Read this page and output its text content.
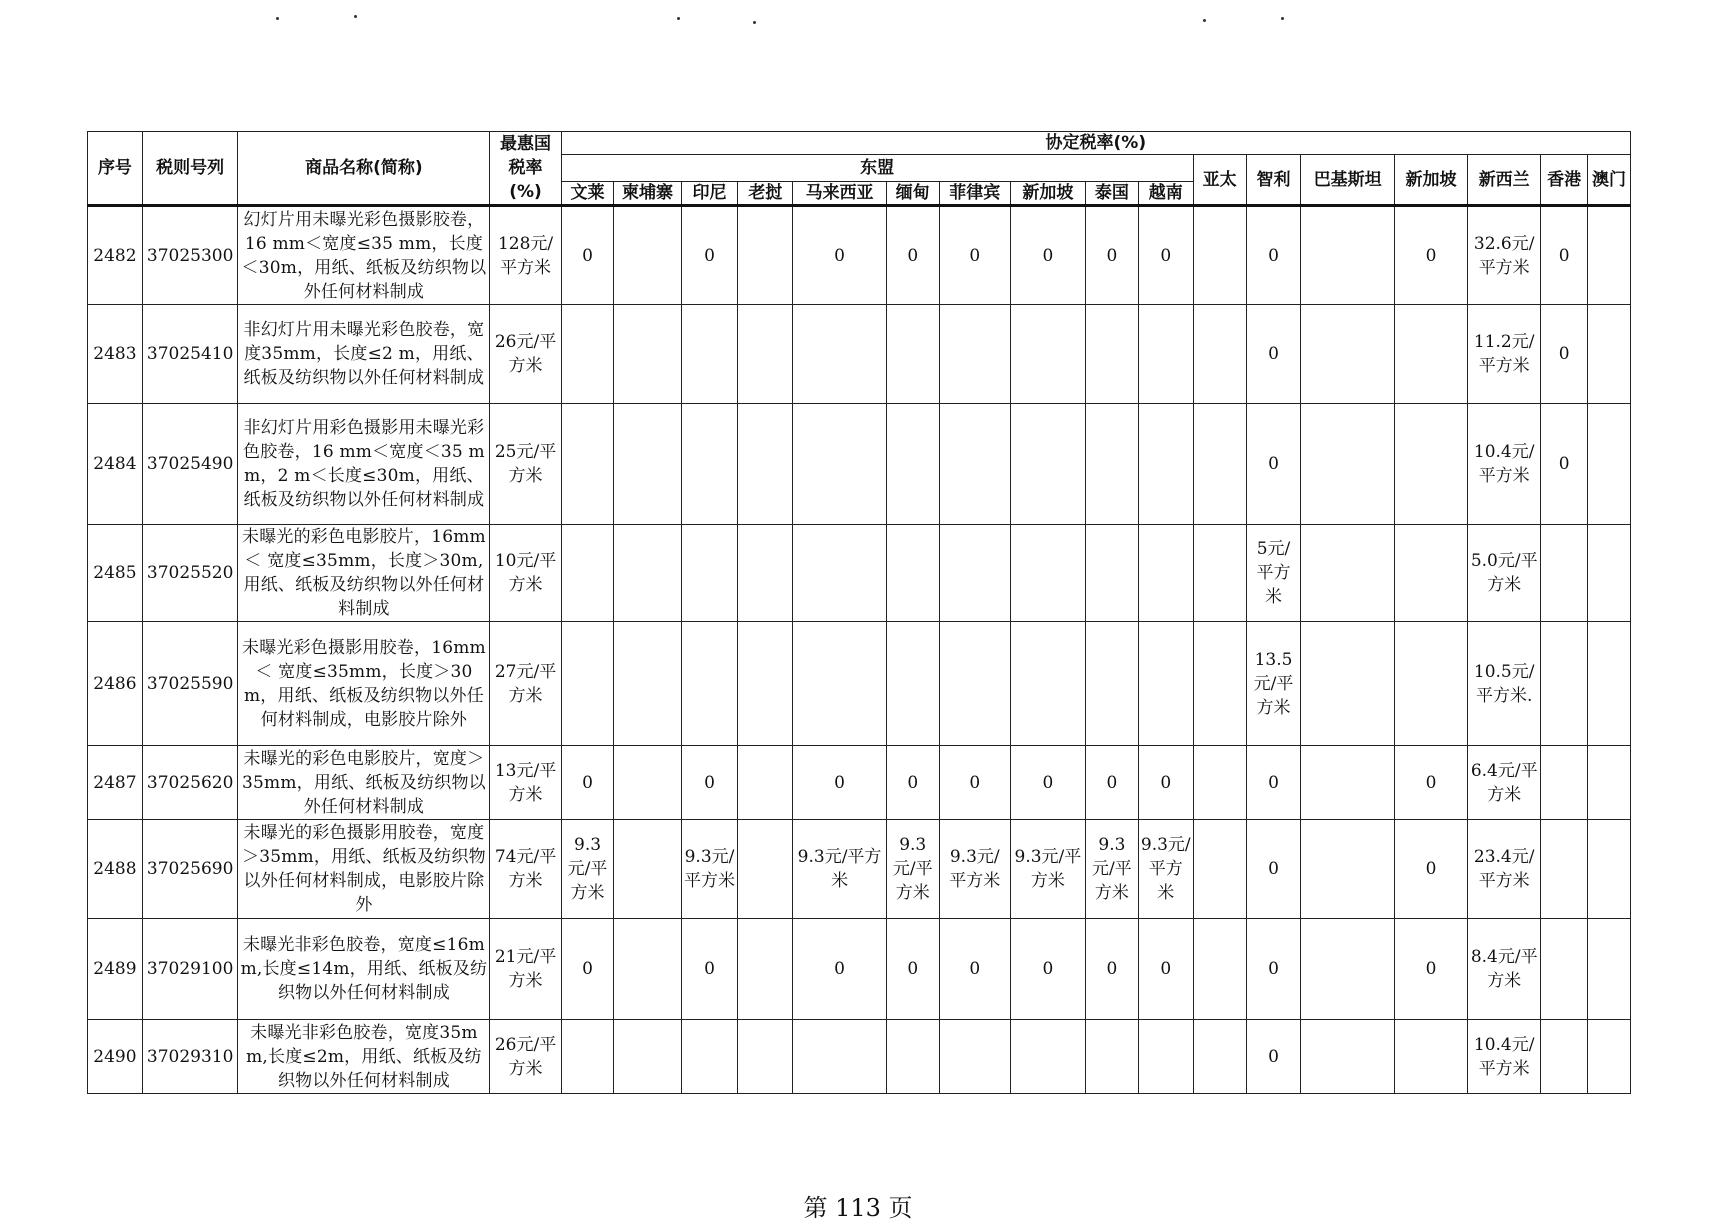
序号	税则号列	商品名称(简称)	最惠国
税率
(%)	协定税率(%)																
				东盟										亚太	智利	巴基斯坦	新加坡	新西兰	香港	澳门
				文莱	柬埔寨	印尼	老挝	马来西亚	缅甸	菲律宾	新加坡	泰国	越南							
2482	37025300	幻灯片用未曝光彩色摄影胶卷，16 mm＜宽度≤35 mm，长度＜30m，用纸、纸板及纺织物以外任何材料制成	128元/平方米	0		0		0	0	0	0	0	0		0		0	32.6元/平方米	0	
2483	37025410	非幻灯片用未曝光彩色胶卷，宽度35mm，长度≤2 m，用纸、纸板及纺织物以外任何材料制成	26元/平方米												0			11.2元/平方米	0	
2484	37025490	非幻灯片用彩色摄影用未曝光彩色胶卷，16 mm＜宽度＜35 mm，2 m＜长度≤30m，用纸、纸板及纺织物以外任何材料制成	25元/平方米												0			10.4元/平方米	0	
2485	37025520	未曝光的彩色电影胶片，16mm＜ 宽度≤35mm，长度＞30m,用纸、纸板及纺织物以外任何材料制成	10元/平方米												5元/平方米			5.0元/平方米		
2486	37025590	未曝光彩色摄影用胶卷，16mm＜ 宽度≤35mm，长度＞30m，用纸、纸板及纺织物以外任何材料制成，电影胶片除外	27元/平方米												13.5元/平方米			10.5元/平方米.		
2487	37025620	未曝光的彩色电影胶片，宽度＞35mm，用纸、纸板及纺织物以外任何材料制成	13元/平方米	0		0		0	0	0	0	0	0		0		0	6.4元/平方米		
2488	37025690	未曝光的彩色摄影用胶卷，宽度＞35mm，用纸、纸板及纺织物以外任何材料制成，电影胶片除外	74元/平方米	9.3元/平方米		9.3元/平方米		9.3元/平方米	9.3元/平方米	9.3元/平方米	9.3元/平方米	9.3元/平方米	9.3元/平方米		0		0	23.4元/平方米		
2489	37029100	未曝光非彩色胶卷，宽度≤16mm,长度≤14m，用纸、纸板及纺织物以外任何材料制成	21元/平方米	0		0		0	0	0	0	0	0		0		0	8.4元/平方米		
2490	37029310	未曝光非彩色胶卷，宽度35mm,长度≤2m，用纸、纸板及纺织物以外任何材料制成	26元/平方米												0			10.4元/平方米		
第 113 页
